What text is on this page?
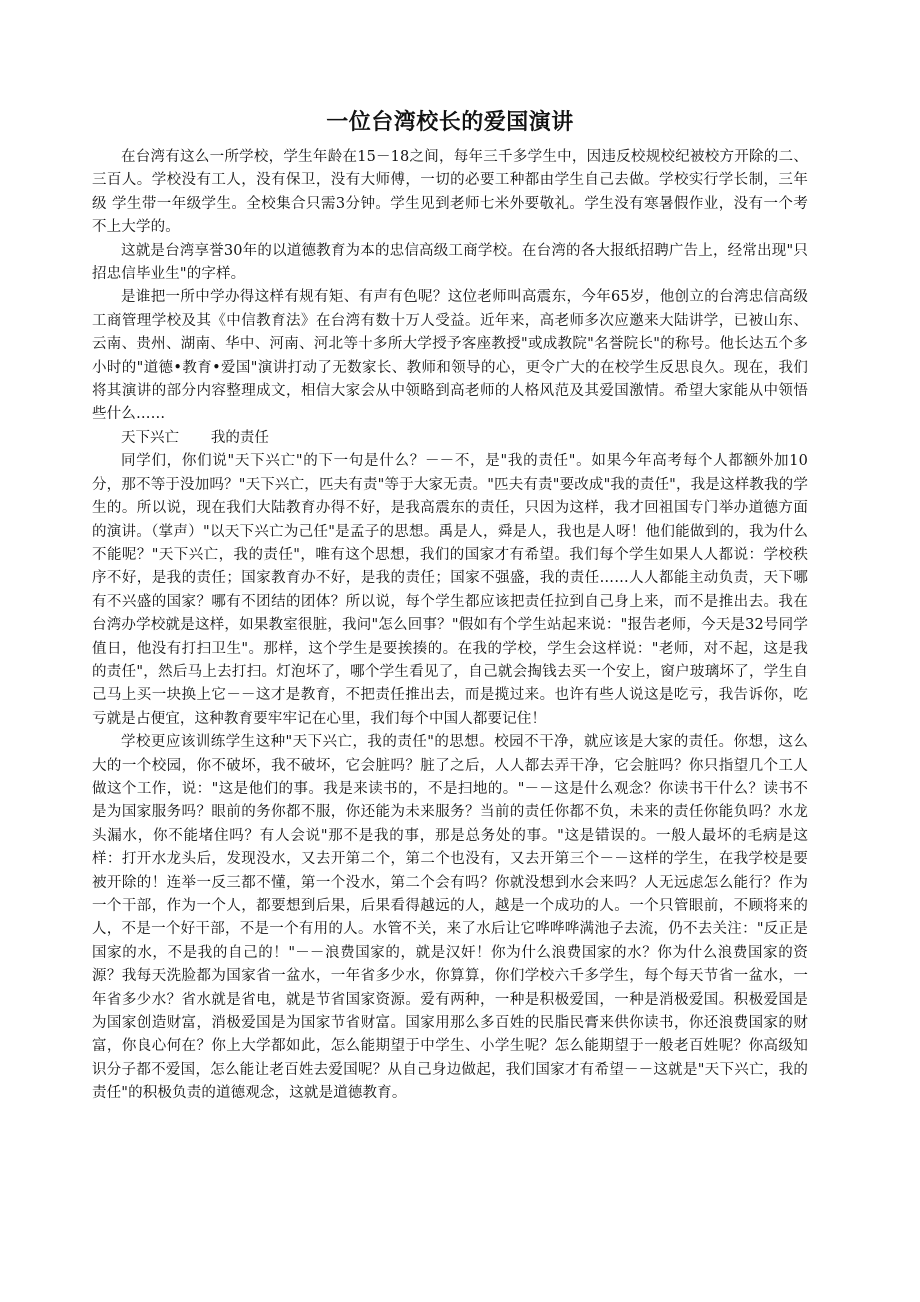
一位台湾校长的爱国演讲

在台湾有这么一所学校，学生年龄在15－18之间，每年三千多学生中，因违反校规校纪被校方开除的二、三百人。学校没有工人，没有保卫，没有大师傅，一切的必要工种都由学生自己去做。学校实行学长制，三年级 学生带一年级学生。全校集合只需3分钟。学生见到老师七米外要敬礼。学生没有寒暑假作业，没有一个考不上大学的。

这就是台湾享誉30年的以道德教育为本的忠信高级工商学校。在台湾的各大报纸招聘广告上，经常出现"只招忠信毕业生"的字样。

是谁把一所中学办得这样有规有矩、有声有色呢？这位老师叫高震东，今年65岁，他创立的台湾忠信高级工商管理学校及其《中信教育法》在台湾有数十万人受益。近年来，高老师多次应邀来大陆讲学，已被山东、云南、贵州、湖南、华中、河南、河北等十多所大学授予客座教授"或成教院"名誉院长"的称号。他长达五个多小时的"道德•教育•爱国"演讲打动了无数家长、教师和领导的心，更令广大的在校学生反思良久。现在，我们将其演讲的部分内容整理成文，相信大家会从中领略到高老师的人格风范及其爱国激情。希望大家能从中领悟些什么……

天下兴亡 我的责任

同学们，你们说"天下兴亡"的下一句是什么？－－不，是"我的责任"。如果今年高考每个人都额外加10分，那不等于没加吗？"天下兴亡，匹夫有责"等于大家无责。"匹夫有责"要改成"我的责任"，我是这样教我的学生的。所以说，现在我们大陆教育办得不好，是我高震东的责任，只因为这样，我才回祖国专门举办道德方面的演讲。（掌声）"以天下兴亡为己任"是孟子的思想。禹是人，舜是人，我也是人呀！他们能做到的，我为什么不能呢？"天下兴亡，我的责任"，唯有这个思想，我们的国家才有希望。我们每个学生如果人人都说：学校秩序不好，是我的责任；国家教育办不好，是我的责任；国家不强盛，我的责任……人人都能主动负责，天下哪有不兴盛的国家？哪有不团结的团体？所以说，每个学生都应该把责任拉到自己身上来，而不是推出去。我在台湾办学校就是这样，如果教室很脏，我问"怎么回事？"假如有个学生站起来说："报告老师，今天是32号同学值日，他没有打扫卫生"。那样，这个学生是要挨揍的。在我的学校，学生会这样说："老师，对不起，这是我的责任"，然后马上去打扫。灯泡坏了，哪个学生看见了，自己就会掏钱去买一个安上，窗户玻璃坏了，学生自己马上买一块换上它－－这才是教育，不把责任推出去，而是揽过来。也许有些人说这是吃亏，我告诉你，吃亏就是占便宜，这种教育要牢牢记在心里，我们每个中国人都要记住！

学校更应该训练学生这种"天下兴亡，我的责任"的思想。校园不干净，就应该是大家的责任。你想，这么大的一个校园，你不破坏，我不破坏，它会脏吗？脏了之后，人人都去弄干净，它会脏吗？你只指望几个工人做这个工作，说："这是他们的事。我是来读书的，不是扫地的。"－－这是什么观念？你读书干什么？读书不是为国家服务吗？眼前的务你都不服，你还能为未来服务？当前的责任你都不负，未来的责任你能负吗？水龙头漏水，你不能堵住吗？有人会说"那不是我的事，那是总务处的事。"这是错误的。一般人最坏的毛病是这样：打开水龙头后，发现没水，又去开第二个，第二个也没有，又去开第三个－－这样的学生，在我学校是要被开除的！连举一反三都不懂，第一个没水，第二个会有吗？你就没想到水会来吗？人无远虑怎么能行？作为一个干部，作为一个人，都要想到后果，后果看得越远的人，越是一个成功的人。一个只管眼前，不顾将来的人，不是一个好干部，不是一个有用的人。水管不关，来了水后让它哗哗哗满池子去流，仍不去关注："反正是国家的水，不是我的自己的！"－－浪费国家的，就是汉奸！你为什么浪费国家的水？你为什么浪费国家的资源？我每天洗脸都为国家省一盆水，一年省多少水，你算算，你们学校六千多学生，每个每天节省一盆水，一年省多少水？省水就是省电，就是节省国家资源。爱有两种，一种是积极爱国，一种是消极爱国。积极爱国是为国家创造财富，消极爱国是为国家节省财富。国家用那么多百姓的民脂民膏来供你读书，你还浪费国家的财富，你良心何在？你上大学都如此，怎么能期望于中学生、小学生呢？怎么能期望于一般老百姓呢？你高级知识分子都不爱国，怎么能让老百姓去爱国呢？从自己身边做起，我们国家才有希望－－这就是"天下兴亡，我的责任"的积极负责的道德观念，这就是道德教育。
